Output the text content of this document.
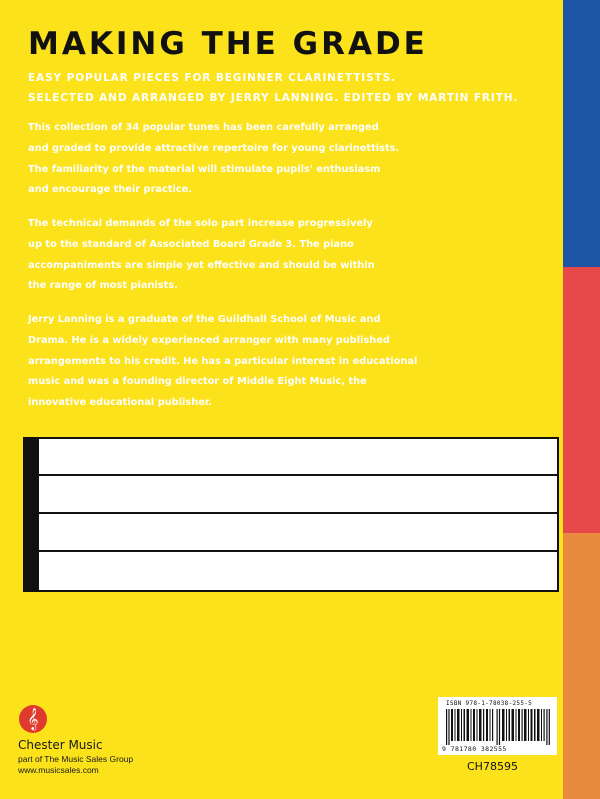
MAKING THE GRADE
EASY POPULAR PIECES FOR BEGINNER CLARINETTISTS.
SELECTED AND ARRANGED BY JERRY LANNING. EDITED BY MARTIN FRITH.
This collection of 34 popular tunes has been carefully arranged
and graded to provide attractive repertoire for young clarinettists.
The familiarity of the material will stimulate pupils' enthusiasm
and encourage their practice.
The technical demands of the solo part increase progressively
up to the standard of Associated Board Grade 3. The piano
accompaniments are simple yet effective and should be within
the range of most pianists.
Jerry Lanning is a graduate of the Guildhall School of Music and
Drama. He is a widely experienced arranger with many published
arrangements to his credit. He has a particular interest in educational
music and was a founding director of Middle Eight Music, the
innovative educational publisher.
𝄞
Chester Music
part of The Music Sales Group
www.musicsales.com
ISBN 978-1-78038-255-5
9 781780 382555
CH78595
